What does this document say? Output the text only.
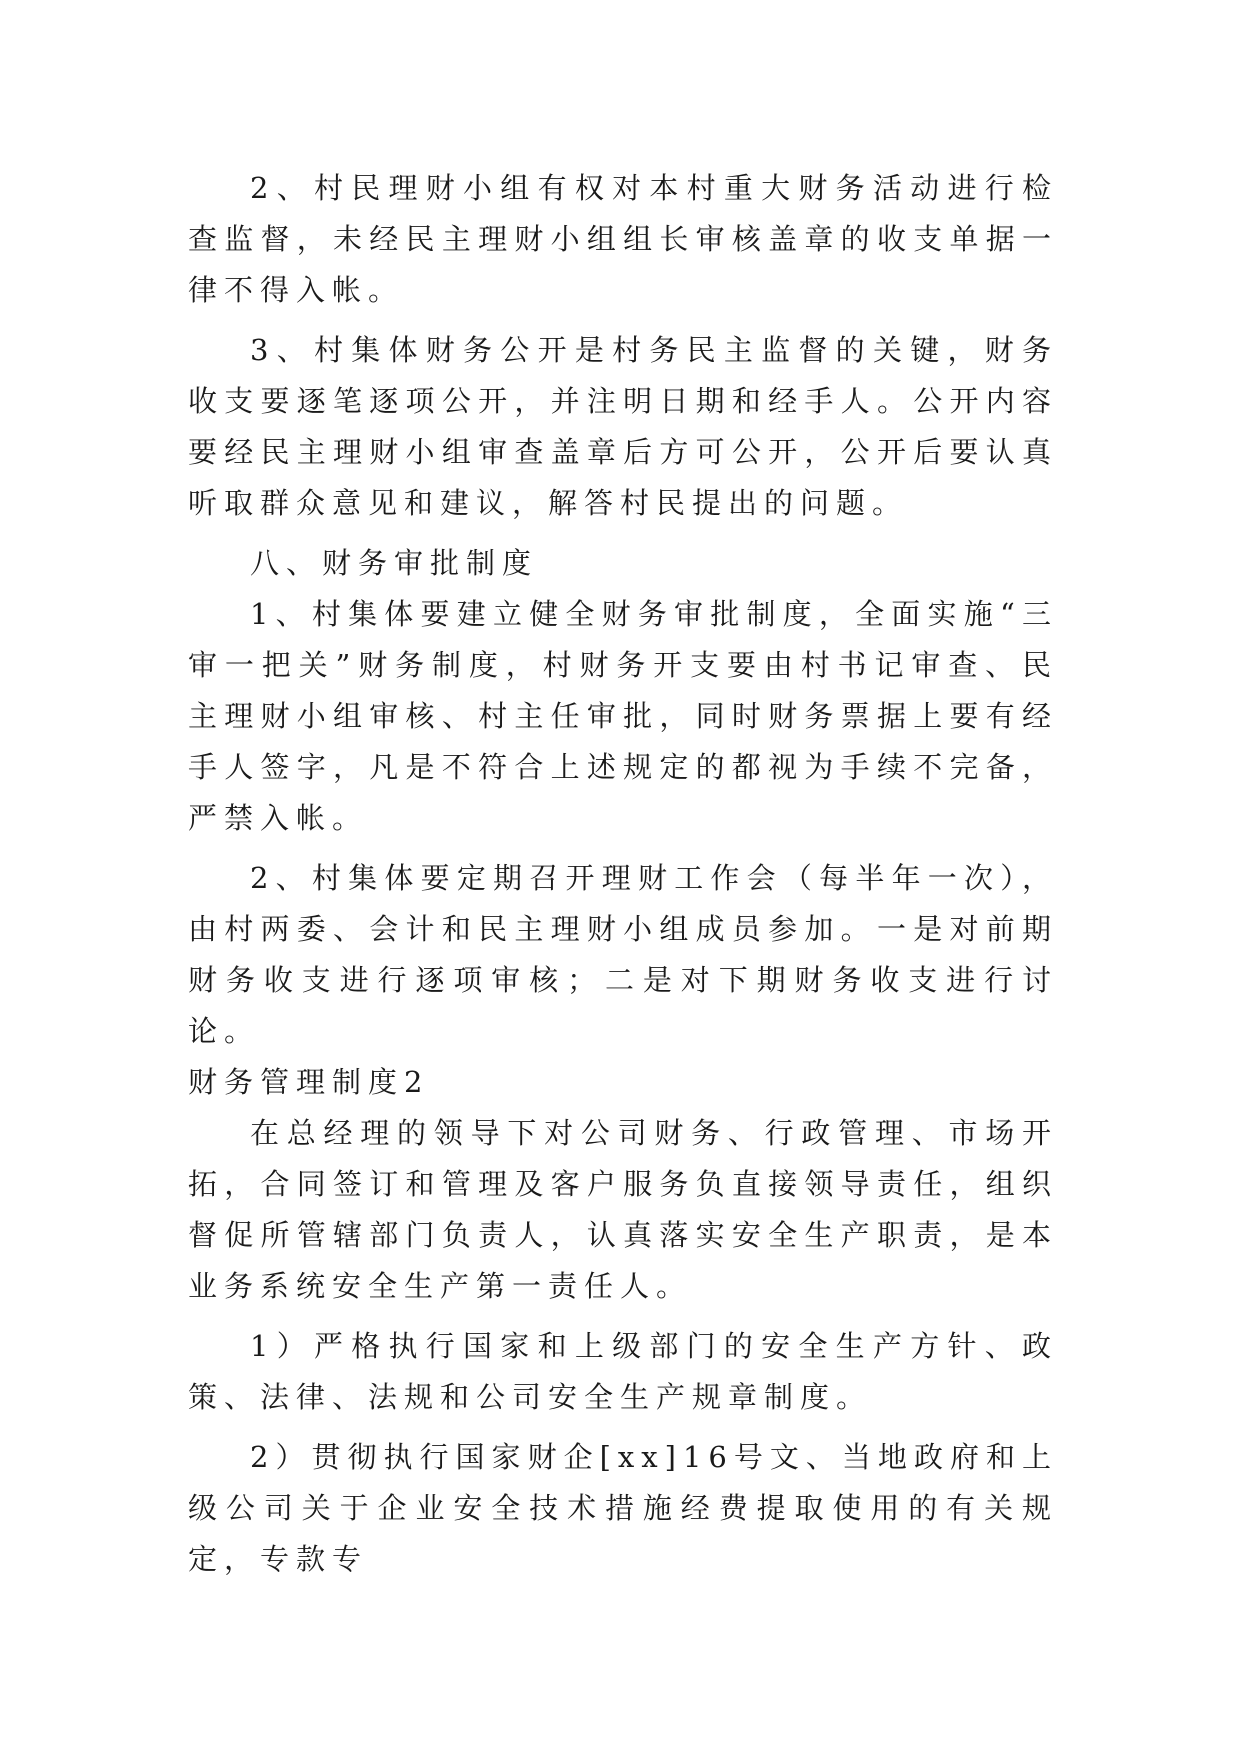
2、村民理财小组有权对本村重大财务活动进行检查监督，未经民主理财小组组长审核盖章的收支单据一律不得入帐。

3、村集体财务公开是村务民主监督的关键，财务收支要逐笔逐项公开，并注明日期和经手人。公开内容要经民主理财小组审查盖章后方可公开，公开后要认真听取群众意见和建议，解答村民提出的问题。

八、财务审批制度

1、村集体要建立健全财务审批制度，全面实施“三审一把关”财务制度，村财务开支要由村书记审查、民主理财小组审核、村主任审批，同时财务票据上要有经手人签字，凡是不符合上述规定的都视为手续不完备，严禁入帐。

2、村集体要定期召开理财工作会（每半年一次），由村两委、会计和民主理财小组成员参加。一是对前期财务收支进行逐项审核；二是对下期财务收支进行讨论。

财务管理制度2

在总经理的领导下对公司财务、行政管理、市场开拓，合同签订和管理及客户服务负直接领导责任，组织督促所管辖部门负责人，认真落实安全生产职责，是本业务系统安全生产第一责任人。

1）严格执行国家和上级部门的安全生产方针、政策、法律、法规和公司安全生产规章制度。

2）贯彻执行国家财企[xx]16号文、当地政府和上级公司关于企业安全技术措施经费提取使用的有关规定，专款专
